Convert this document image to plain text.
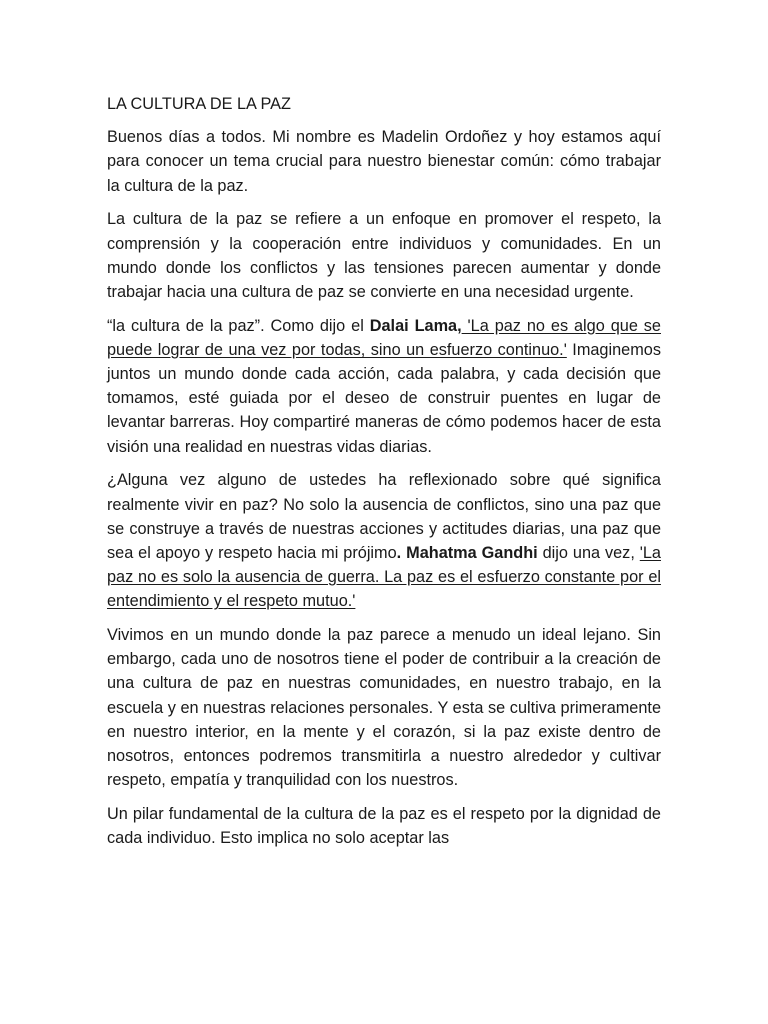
LA CULTURA DE LA PAZ

Buenos días a todos. Mi nombre es Madelin Ordoñez y hoy estamos aquí para conocer un tema crucial para nuestro bienestar común: cómo trabajar la cultura de la paz.

La cultura de la paz se refiere a un enfoque en promover el respeto, la comprensión y la cooperación entre individuos y comunidades. En un mundo donde los conflictos y las tensiones parecen aumentar y donde trabajar hacia una cultura de paz se convierte en una necesidad urgente.

“la cultura de la paz”. Como dijo el Dalai Lama, 'La paz no es algo que se puede lograr de una vez por todas, sino un esfuerzo continuo.' Imaginemos juntos un mundo donde cada acción, cada palabra, y cada decisión que tomamos, esté guiada por el deseo de construir puentes en lugar de levantar barreras. Hoy compartiré maneras de cómo podemos hacer de esta visión una realidad en nuestras vidas diarias.

¿Alguna vez alguno de ustedes ha reflexionado sobre qué significa realmente vivir en paz? No solo la ausencia de conflictos, sino una paz que se construye a través de nuestras acciones y actitudes diarias, una paz que sea el apoyo y respeto hacia mi prójimo. Mahatma Gandhi dijo una vez, 'La paz no es solo la ausencia de guerra. La paz es el esfuerzo constante por el entendimiento y el respeto mutuo.'

Vivimos en un mundo donde la paz parece a menudo un ideal lejano. Sin embargo, cada uno de nosotros tiene el poder de contribuir a la creación de una cultura de paz en nuestras comunidades, en nuestro trabajo, en la escuela y en nuestras relaciones personales. Y esta se cultiva primeramente en nuestro interior, en la mente y el corazón, si la paz existe dentro de nosotros, entonces podremos transmitirla a nuestro alrededor y cultivar respeto, empatía y tranquilidad con los nuestros.

Un pilar fundamental de la cultura de la paz es el respeto por la dignidad de cada individuo. Esto implica no solo aceptar las
